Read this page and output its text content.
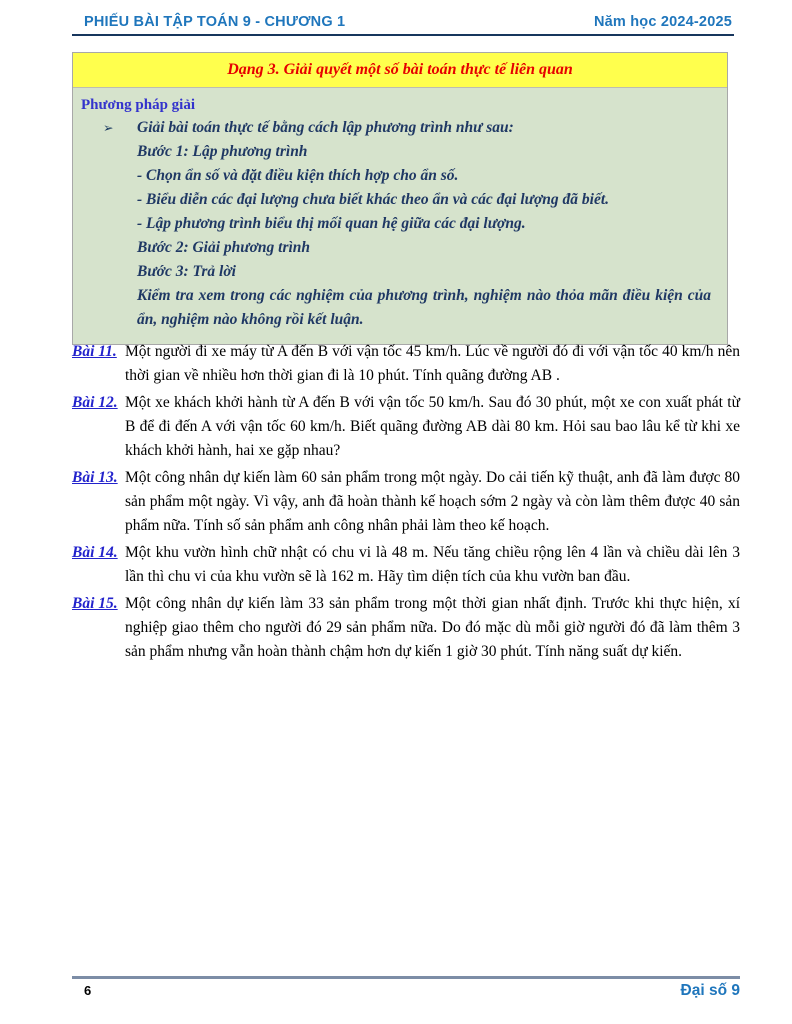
PHIẾU BÀI TẬP TOÁN 9 - CHƯƠNG 1	Năm học 2024-2025
Dạng 3. Giải quyết một số bài toán thực tế liên quan
Phương pháp giải
➢	Giải bài toán thực tế bằng cách lập phương trình như sau:
Bước 1: Lập phương trình
- Chọn ẩn số và đặt điều kiện thích hợp cho ẩn số.
- Biểu diễn các đại lượng chưa biết khác theo ẩn và các đại lượng đã biết.
- Lập phương trình biểu thị mối quan hệ giữa các đại lượng.
Bước 2: Giải phương trình
Bước 3: Trả lời
Kiểm tra xem trong các nghiệm của phương trình, nghiệm nào thỏa mãn điều kiện của ẩn, nghiệm nào không rồi kết luận.
Bài 11. Một người đi xe máy từ A đến B với vận tốc 45 km/h. Lúc về người đó đi với vận tốc 40 km/h nên thời gian về nhiều hơn thời gian đi là 10 phút. Tính quãng đường AB .
Bài 12. Một xe khách khởi hành từ A đến B với vận tốc 50 km/h. Sau đó 30 phút, một xe con xuất phát từ B để đi đến A với vận tốc 60 km/h. Biết quãng đường AB dài 80 km. Hỏi sau bao lâu kể từ khi xe khách khởi hành, hai xe gặp nhau?
Bài 13. Một công nhân dự kiến làm 60 sản phẩm trong một ngày. Do cải tiến kỹ thuật, anh đã làm được 80 sản phẩm một ngày. Vì vậy, anh đã hoàn thành kế hoạch sớm 2 ngày và còn làm thêm được 40 sản phẩm nữa. Tính số sản phẩm anh công nhân phải làm theo kế hoạch.
Bài 14. Một khu vườn hình chữ nhật có chu vi là 48 m. Nếu tăng chiều rộng lên 4 lần và chiều dài lên 3 lần thì chu vi của khu vườn sẽ là 162 m. Hãy tìm diện tích của khu vườn ban đầu.
Bài 15. Một công nhân dự kiến làm 33 sản phẩm trong một thời gian nhất định. Trước khi thực hiện, xí nghiệp giao thêm cho người đó 29 sản phẩm nữa. Do đó mặc dù mỗi giờ người đó đã làm thêm 3 sản phẩm nhưng vẫn hoàn thành chậm hơn dự kiến 1 giờ 30 phút. Tính năng suất dự kiến.
6	Đại số 9
